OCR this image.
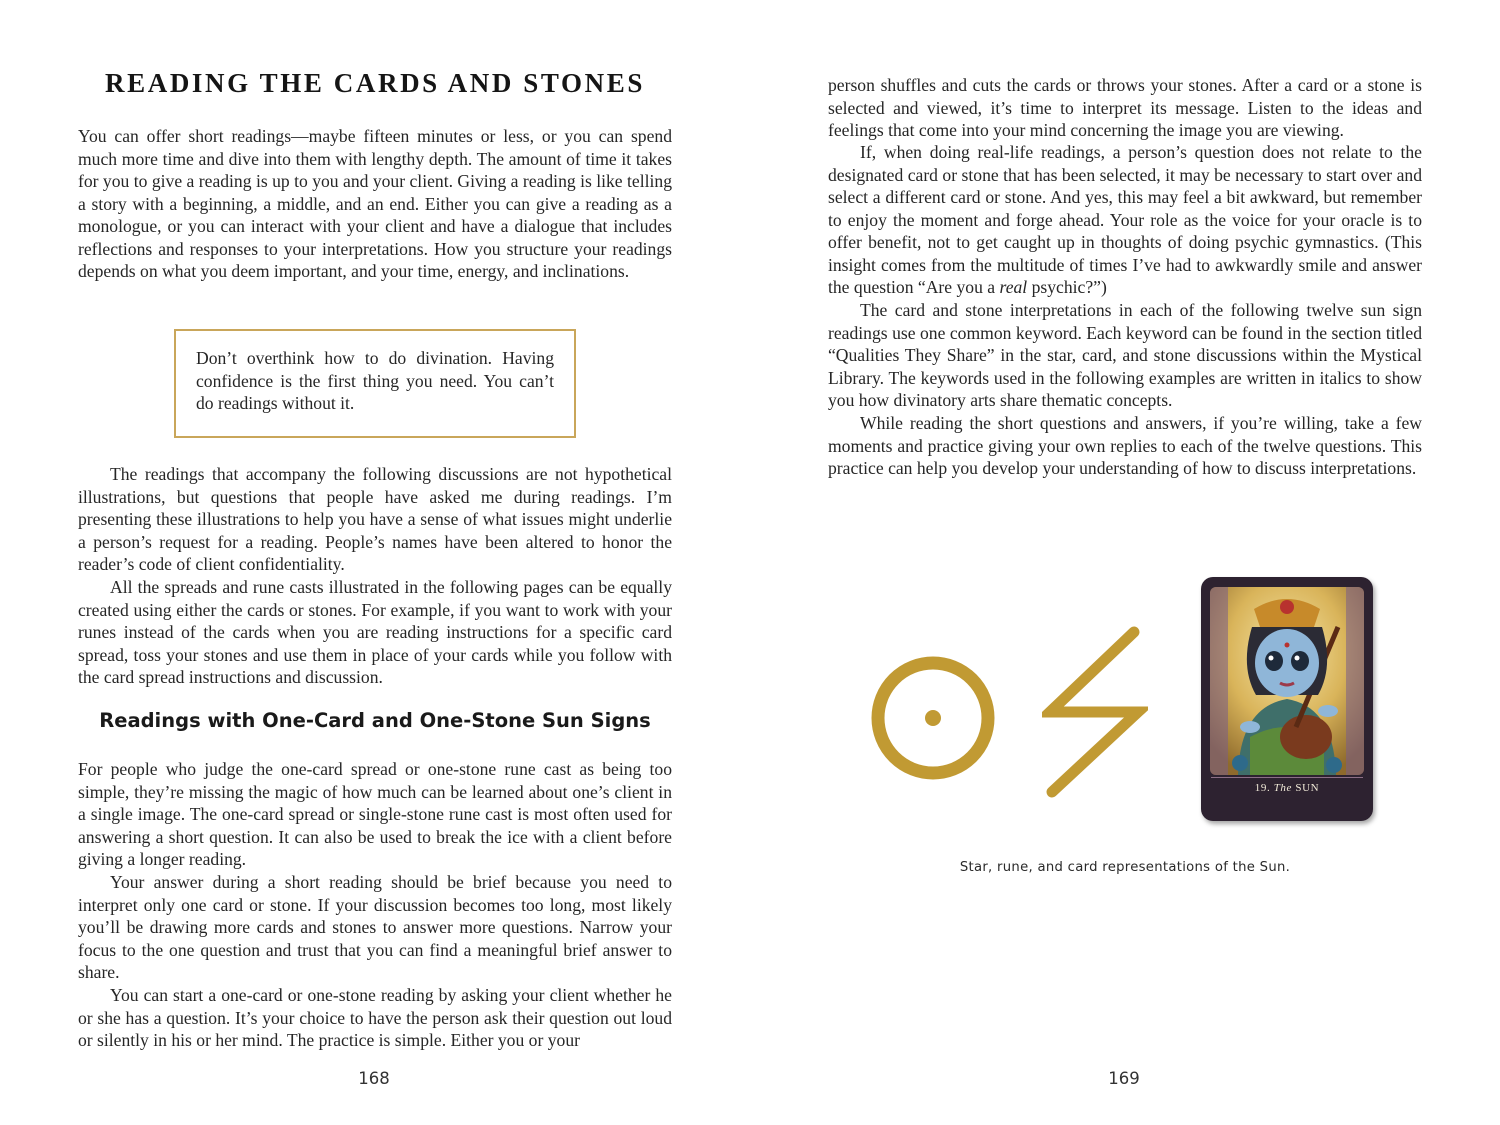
READING THE CARDS AND STONES

You can offer short readings—maybe fifteen minutes or less, or you can spend much more time and dive into them with lengthy depth. The amount of time it takes for you to give a reading is up to you and your client. Giving a reading is like telling a story with a beginning, a middle, and an end. Either you can give a reading as a monologue, or you can interact with your client and have a dialogue that includes reflections and responses to your interpretations. How you structure your readings depends on what you deem important, and your time, energy, and inclinations.

Don’t overthink how to do divination. Having confidence is the first thing you need. You can’t do readings without it.

The readings that accompany the following discussions are not hypothetical illustrations, but questions that people have asked me during readings. I’m presenting these illustrations to help you have a sense of what issues might underlie a person’s request for a reading. People’s names have been altered to honor the reader’s code of client confidentiality.

All the spreads and rune casts illustrated in the following pages can be equally created using either the cards or stones. For example, if you want to work with your runes instead of the cards when you are reading instructions for a specific card spread, toss your stones and use them in place of your cards while you follow with the card spread instructions and discussion.

Readings with One-Card and One-Stone Sun Signs

For people who judge the one-card spread or one-stone rune cast as being too simple, they’re missing the magic of how much can be learned about one’s client in a single image. The one-card spread or single-stone rune cast is most often used for answering a short question. It can also be used to break the ice with a client before giving a longer reading.

Your answer during a short reading should be brief because you need to interpret only one card or stone. If your discussion becomes too long, most likely you’ll be drawing more cards and stones to answer more questions. Narrow your focus to the one question and trust that you can find a meaningful brief answer to share.

You can start a one-card or one-stone reading by asking your client whether he or she has a question. It’s your choice to have the person ask their question out loud or silently in his or her mind. The practice is simple. Either you or your

168

person shuffles and cuts the cards or throws your stones. After a card or a stone is selected and viewed, it’s time to interpret its message. Listen to the ideas and feelings that come into your mind concerning the image you are viewing.

If, when doing real-life readings, a person’s question does not relate to the designated card or stone that has been selected, it may be necessary to start over and select a different card or stone. And yes, this may feel a bit awkward, but remember to enjoy the moment and forge ahead. Your role as the voice for your oracle is to offer benefit, not to get caught up in thoughts of doing psychic gymnastics. (This insight comes from the multitude of times I’ve had to awkwardly smile and answer the question “Are you a real psychic?”)

The card and stone interpretations in each of the following twelve sun sign readings use one common keyword. Each keyword can be found in the section titled “Qualities They Share” in the star, card, and stone discussions within the Mystical Library. The keywords used in the following examples are written in italics to show you how divinatory arts share thematic concepts.

While reading the short questions and answers, if you’re willing, take a few moments and practice giving your own replies to each of the twelve questions. This practice can help you develop your understanding of how to discuss interpretations.

19. The SUN
Star, rune, and card representations of the Sun.
169
